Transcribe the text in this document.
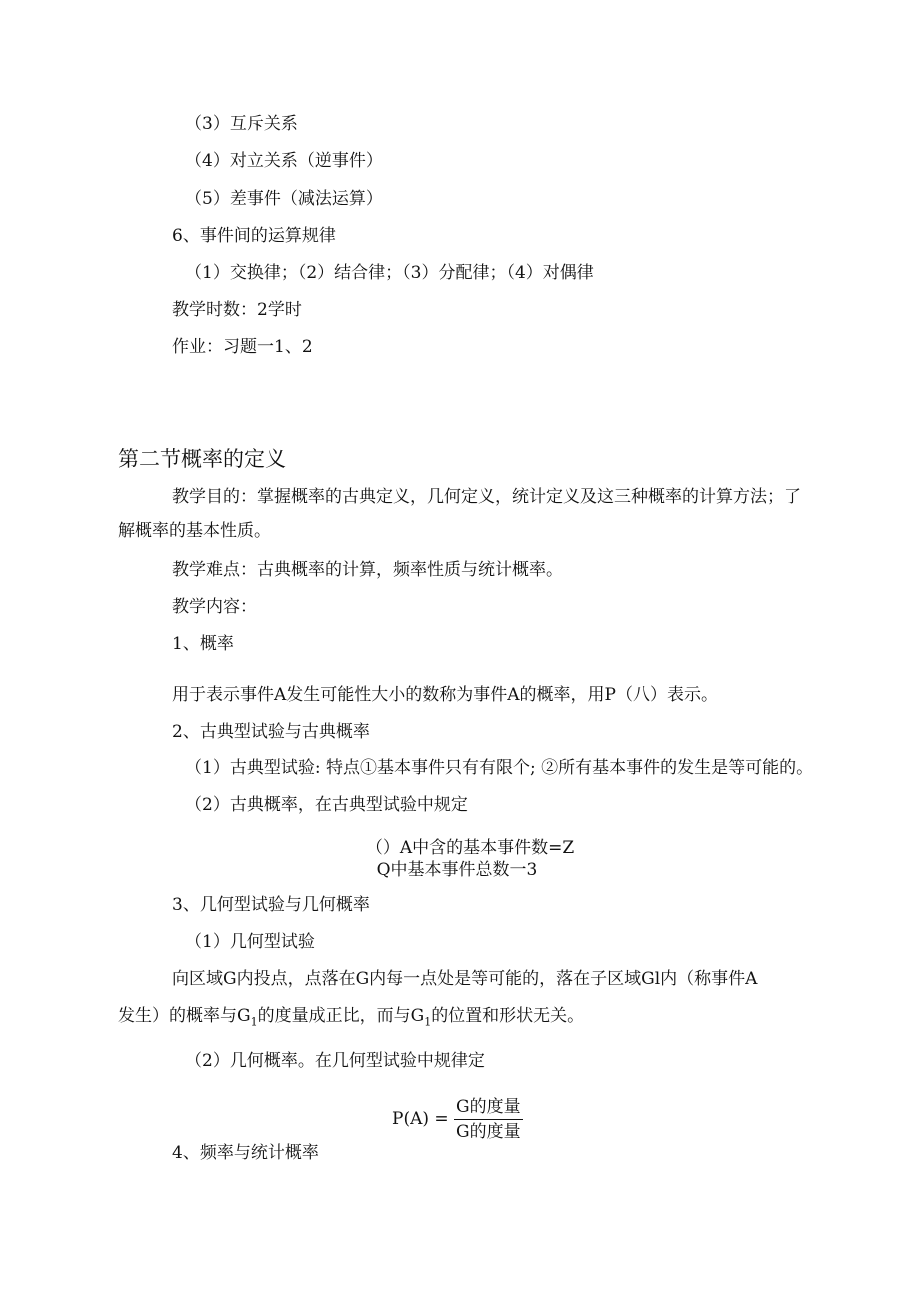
（3）互斥关系
（4）对立关系（逆事件）
（5）差事件（减法运算）
6、事件间的运算规律
（1）交换律；（2）结合律；（3）分配律；（4）对偶律
教学时数：2学时
作业：习题一1、2
第二节概率的定义
教学目的：掌握概率的古典定义，几何定义，统计定义及这三种概率的计算方法；了
解概率的基本性质。
教学难点：古典概率的计算，频率性质与统计概率。
教学内容：
1、概率
用于表示事件A发生可能性大小的数称为事件A的概率，用P（八）表示。
2、古典型试验与古典概率
（1）古典型试验: 特点①基本事件只有有限个; ②所有基本事件的发生是等可能的。
（2）古典概率，在古典型试验中规定
（）A中含的基本事件数=Z
Q中基本事件总数一3
3、几何型试验与几何概率
（1）几何型试验
向区域G内投点，点落在G内每一点处是等可能的，落在子区域Gl内（称事件A
发生）的概率与$G_1$的度量成正比，而与$G_1$的位置和形状无关。
（2）几何概率。在几何型试验中规律定
$P(A) = \frac{\text{G的度量}}{\text{G的度量}}$
4、频率与统计概率
